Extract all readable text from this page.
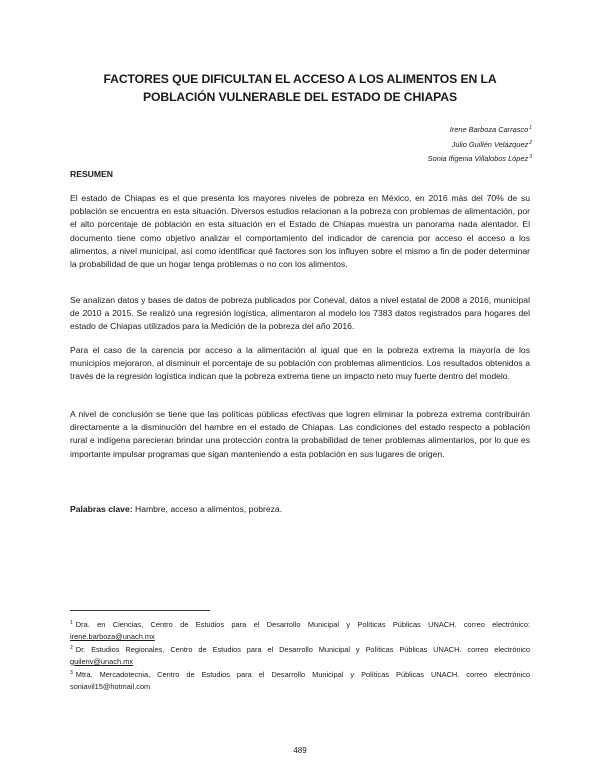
FACTORES QUE DIFICULTAN EL ACCESO A LOS ALIMENTOS EN LA POBLACIÓN VULNERABLE DEL ESTADO DE CHIAPAS
Irene Barboza Carrasco$^1$
Julio Guillén Velázquez$^2$
Sonia Ifigenia Villalobos López$^3$
RESUMEN

El estado de Chiapas es el que presenta los mayores niveles de pobreza en México, en 2016 más del 70% de su población se encuentra en esta situación. Diversos estudios relacionan a la pobreza con problemas de alimentación, por el alto porcentaje de población en esta situación en el Estado de Chiapas muestra un panorama nada alentador. El documento tiene como objetivo analizar el comportamiento del indicador de carencia por acceso el acceso a los alimentos, a nivel municipal, así como identificar qué factores son los influyen sobre el mismo a fin de poder determinar la probabilidad de que un hogar tenga problemas o no con los alimentos.

Se analizan datos y bases de datos de pobreza publicados por Coneval, datos a nivel estatal de 2008 a 2016, municipal de 2010 a 2015. Se realizó una regresión logística, alimentaron al modelo los 7383 datos registrados para hogares del estado de Chiapas utilizados para la Medición de la pobreza del año 2016.

Para el caso de la carencia por acceso a la alimentación al igual que en la pobreza extrema la mayoría de los municipios mejoraron, al disminuir el porcentaje de su población con problemas alimenticios. Los resultados obtenidos a través de la regresión logística indican que la pobreza extrema tiene un impacto neto muy fuerte dentro del modelo.

A nivel de conclusión se tiene que las políticas públicas efectivas que logren eliminar la pobreza extrema contribuirán directamente a la disminución del hambre en el estado de Chiapas. Las condiciones del estado respecto a población rural e indígena parecieran brindar una protección contra la probabilidad de tener problemas alimentarios, por lo que es importante impulsar programas que sigan manteniendo a esta población en sus lugares de origen.

Palabras clave: Hambre, acceso a alimentos, pobreza.

$^1$ Dra. en Ciencias, Centro de Estudios para el Desarrollo Municipal y Políticas Públicas UNACH. correo electrónico: irene.barboza@unach.mx

$^2$ Dr. Estudios Regionales, Centro de Estudios para el Desarrollo Municipal y Políticas Públicas UNACH. correo electrónico guilenv@unach.mx

$^3$ Mtra. Mercadotecnia, Centro de Estudios para el Desarrollo Municipal y Políticas Públicas UNACH. correo electrónico soniavil15@hotmail.com

489
